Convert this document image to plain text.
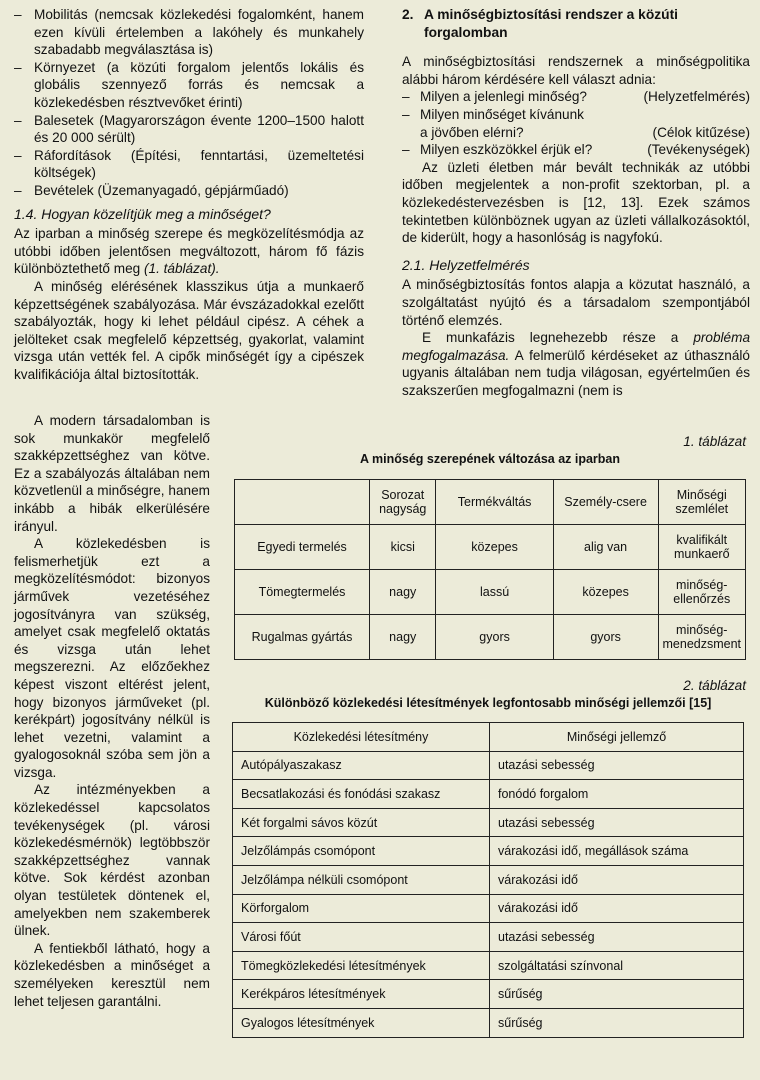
– Mobilitás (nemcsak közlekedési fogalomként, hanem ezen kívüli értelemben a lakóhely és munkahely szabadabb megválasztása is)
– Környezet (a közúti forgalom jelentős lokális és globális szennyező forrás és nemcsak a közlekedésben résztvevőket érinti)
– Balesetek (Magyarországon évente 1200–1500 halott és 20 000 sérült)
– Ráfordítások (Építési, fenntartási, üzemeltetési költségek)
– Bevételek (Üzemanyagadó, gépjárműadó)
1.4. Hogyan közelítjük meg a minőséget?

Az iparban a minőség szerepe és megközelítésmódja az utóbbi időben jelentősen megváltozott, három fő fázis különböztethető meg (1. táblázat).

A minőség elérésének klasszikus útja a munkaerő képzettségének szabályozása. Már évszázadokkal ezelőtt szabályozták, hogy ki lehet például cipész. A céhek a jelölteket csak megfelelő képzettség, gyakorlat, valamint vizsga után vették fel. A cipők minőségét így a cipészek kvalifikációja által biztosították.

A modern társadalomban is sok munkakör megfelelő szakképzettséghez van kötve. Ez a szabályozás általában nem közvetlenül a minőségre, hanem inkább a hibák elkerülésére irányul.

A közlekedésben is felismerhetjük ezt a megközelítésmódot: bizonyos járművek vezetéséhez jogosítványra van szükség, amelyet csak megfelelő oktatás és vizsga után lehet megszerezni. Az előzőekhez képest viszont eltérést jelent, hogy bizonyos járműveket (pl. kerékpárt) jogosítvány nélkül is lehet vezetni, valamint a gyalogosoknál szóba sem jön a vizsga.

Az intézményekben a közlekedéssel kapcsolatos tevékenységek (pl. városi közlekedésmérnök) legtöbbször szakképzettséghez vannak kötve. Sok kérdést azonban olyan testületek döntenek el, amelyekben nem szakemberek ülnek.

A fentiekből látható, hogy a közlekedésben a minőséget a személyeken keresztül nem lehet teljesen garantálni.

2. A minőségbiztosítási rendszer a közúti forgalomban

A minőségbiztosítási rendszernek a minőségpolitika alábbi három kérdésére kell választ adnia:

– Milyen a jelenlegi minőség?	(Helyzetfelmérés)
– Milyen minőséget kívánunk
a jövőben elérni?	(Célok kitűzése)
– Milyen eszközökkel érjük el?	(Tevékenységek)

Az üzleti életben már bevált technikák az utóbbi időben megjelentek a non-profit szektorban, pl. a közlekedéstervezésben is [12, 13]. Ezek számos tekintetben különböznek ugyan az üzleti vállalkozásoktól, de kiderült, hogy a hasonlóság is nagyfokú.

2.1. Helyzetfelmérés

A minőségbiztosítás fontos alapja a közutat használó, a szolgáltatást nyújtó és a társadalom szempontjából történő elemzés.

E munkafázis legnehezebb része a probléma megfogalmazása. A felmerülő kérdéseket az úthasználó ugyanis általában nem tudja világosan, egyértelműen és szakszerűen megfogalmazni (nem is

1. táblázat
A minőség szerepének változása az iparban
	Sorozat nagyság	Termékváltás	Személy-csere	Minőségi szemlélet
Egyedi termelés	kicsi	közepes	alig van	kvalifikált munkaerő
Tömegtermelés	nagy	lassú	közepes	minőség-ellenőrzés
Rugalmas gyártás	nagy	gyors	gyors	minőség-menedzsment
2. táblázat
Különböző közlekedési létesítmények legfontosabb minőségi jellemzői [15]
Közlekedési létesítmény	Minőségi jellemző
Autópályaszakasz	utazási sebesség
Becsatlakozási és fonódási szakasz	fonódó forgalom
Két forgalmi sávos közút	utazási sebesség
Jelzőlámpás csomópont	várakozási idő, megállások száma
Jelzőlámpa nélküli csomópont	várakozási idő
Körforgalom	várakozási idő
Városi főút	utazási sebesség
Tömegközlekedési létesítmények	szolgáltatási színvonal
Kerékpáros létesítmények	sűrűség
Gyalogos létesítmények	sűrűség
